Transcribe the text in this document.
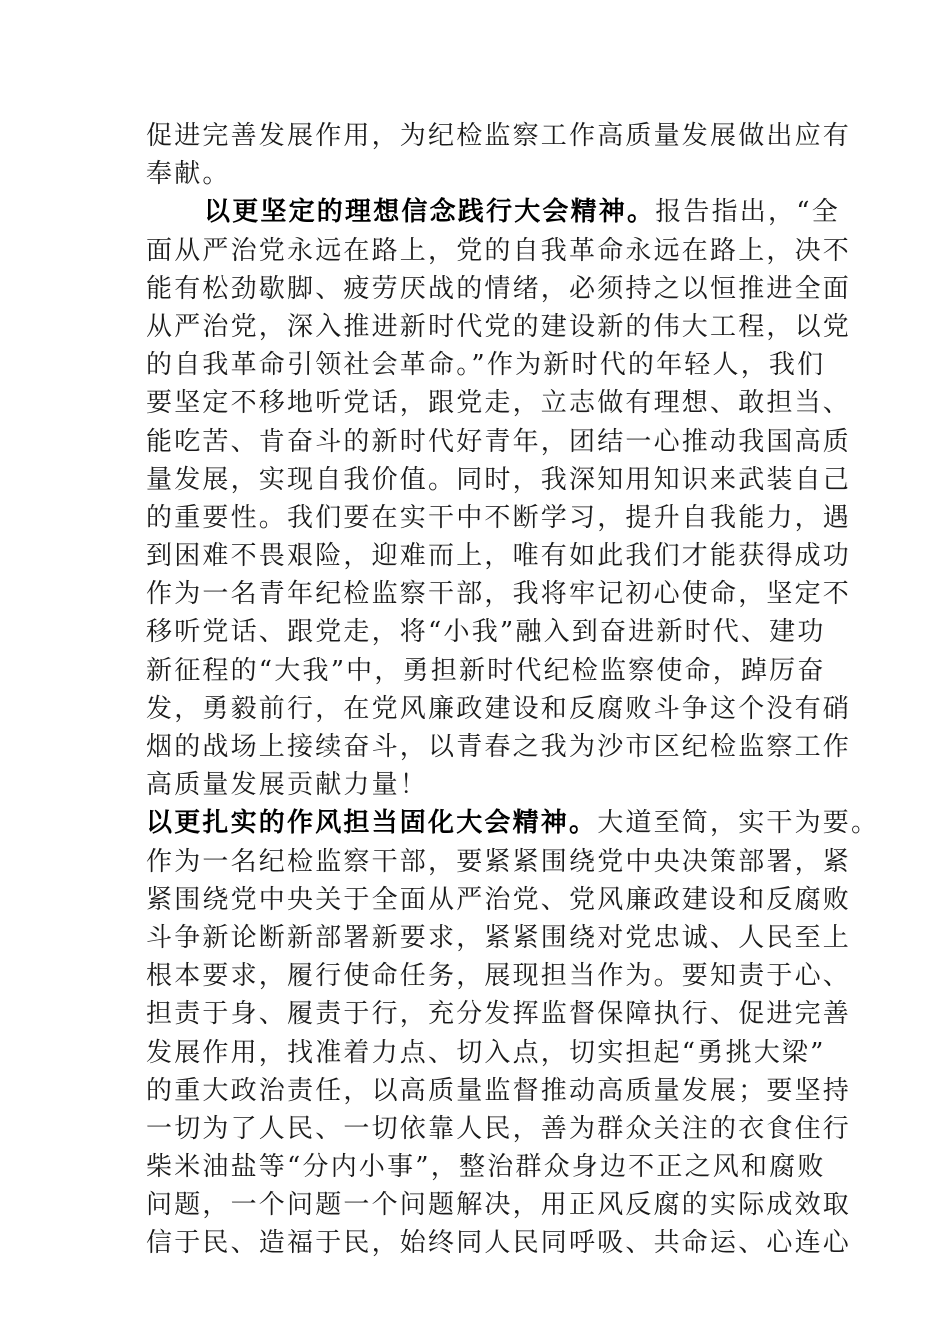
促进完善发展作用，为纪检监察工作高质量发展做出应有
奉献。
以更坚定的理想信念践行大会精神。报告指出，“全
面从严治党永远在路上，党的自我革命永远在路上，决不
能有松劲歇脚、疲劳厌战的情绪，必须持之以恒推进全面
从严治党，深入推进新时代党的建设新的伟大工程，以党
的自我革命引领社会革命。”作为新时代的年轻人，我们
要坚定不移地听党话，跟党走，立志做有理想、敢担当、
能吃苦、肯奋斗的新时代好青年，团结一心推动我国高质
量发展，实现自我价值。同时，我深知用知识来武装自己
的重要性。我们要在实干中不断学习，提升自我能力，遇
到困难不畏艰险，迎难而上，唯有如此我们才能获得成功
作为一名青年纪检监察干部，我将牢记初心使命，坚定不
移听党话、跟党走，将“小我”融入到奋进新时代、建功
新征程的“大我”中，勇担新时代纪检监察使命，踔厉奋
发，勇毅前行，在党风廉政建设和反腐败斗争这个没有硝
烟的战场上接续奋斗，以青春之我为沙市区纪检监察工作
高质量发展贡献力量！
以更扎实的作风担当固化大会精神。大道至简，实干为要。
作为一名纪检监察干部，要紧紧围绕党中央决策部署，紧
紧围绕党中央关于全面从严治党、党风廉政建设和反腐败
斗争新论断新部署新要求，紧紧围绕对党忠诚、人民至上
根本要求，履行使命任务，展现担当作为。要知责于心、
担责于身、履责于行，充分发挥监督保障执行、促进完善
发展作用，找准着力点、切入点，切实担起“勇挑大梁”
的重大政治责任，以高质量监督推动高质量发展；要坚持
一切为了人民、一切依靠人民，善为群众关注的衣食住行
柴米油盐等“分内小事”，整治群众身边不正之风和腐败
问题，一个问题一个问题解决，用正风反腐的实际成效取
信于民、造福于民，始终同人民同呼吸、共命运、心连心
